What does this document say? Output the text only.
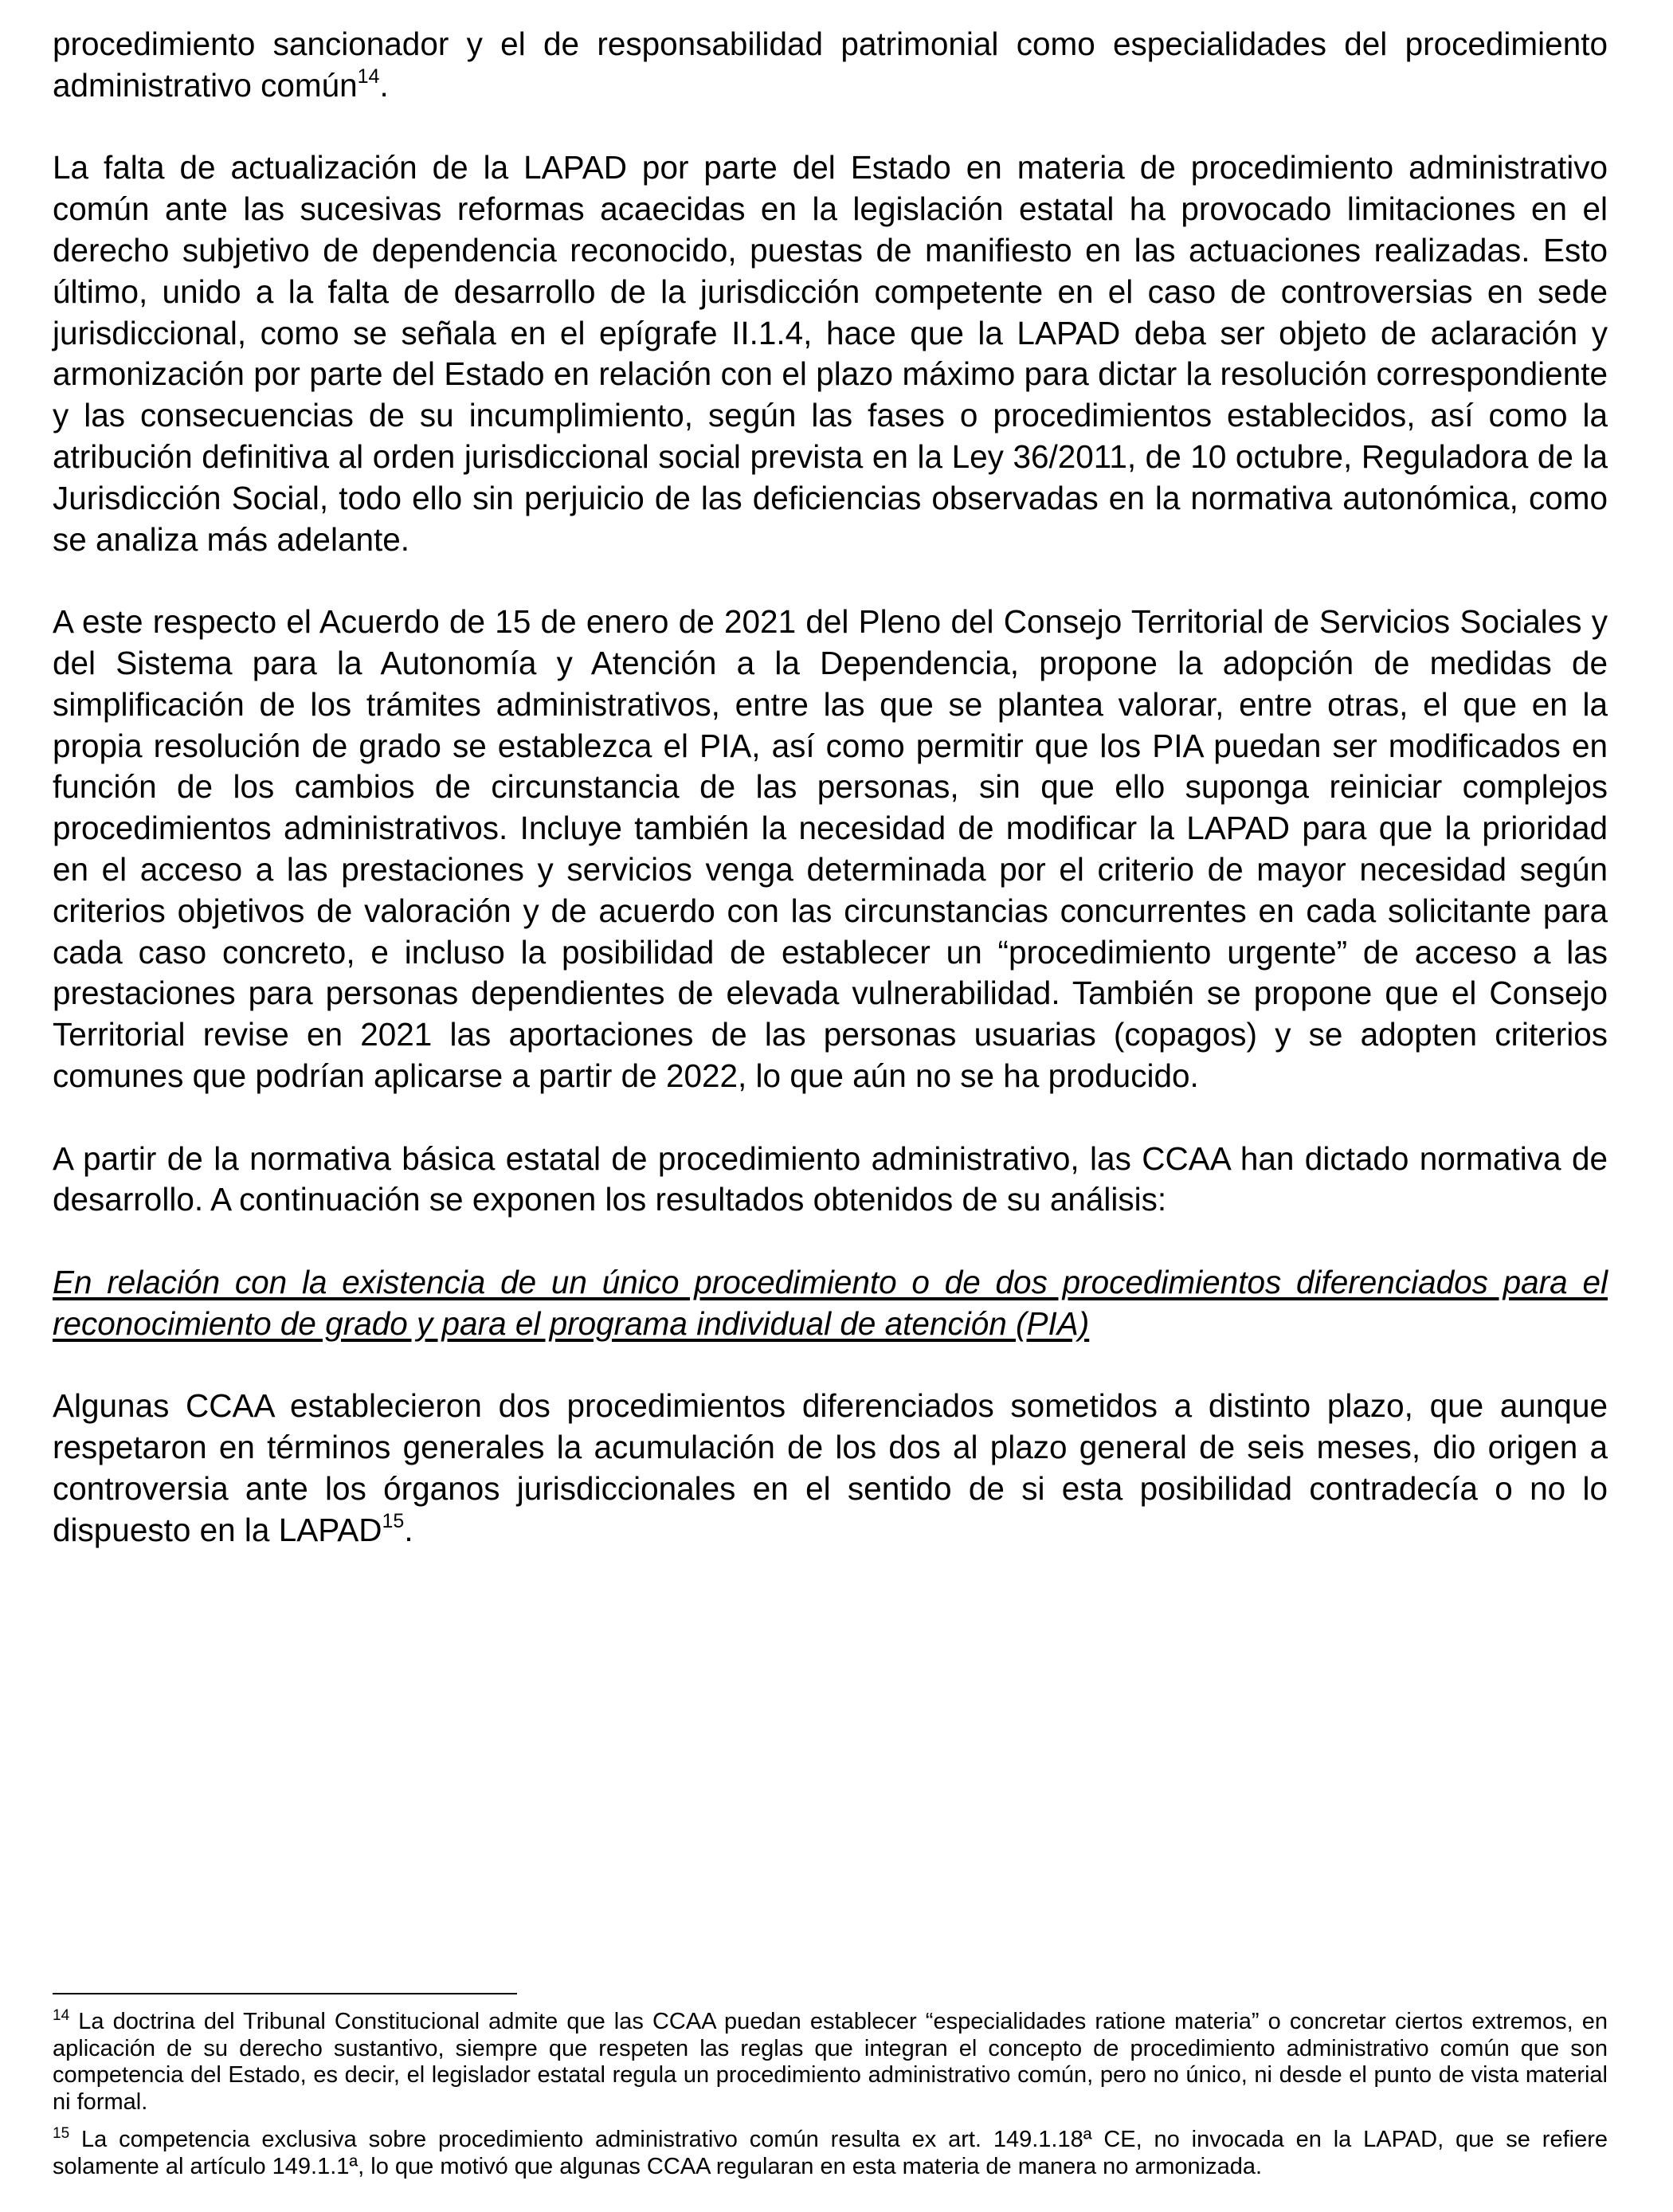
procedimiento sancionador y el de responsabilidad patrimonial como especialidades del procedimiento administrativo común$^{14}$.

La falta de actualización de la LAPAD por parte del Estado en materia de procedimiento administrativo común ante las sucesivas reformas acaecidas en la legislación estatal ha provocado limitaciones en el derecho subjetivo de dependencia reconocido, puestas de manifiesto en las actuaciones realizadas. Esto último, unido a la falta de desarrollo de la jurisdicción competente en el caso de controversias en sede jurisdiccional, como se señala en el epígrafe II.1.4, hace que la LAPAD deba ser objeto de aclaración y armonización por parte del Estado en relación con el plazo máximo para dictar la resolución correspondiente y las consecuencias de su incumplimiento, según las fases o procedimientos establecidos, así como la atribución definitiva al orden jurisdiccional social prevista en la Ley 36/2011, de 10 octubre, Reguladora de la Jurisdicción Social, todo ello sin perjuicio de las deficiencias observadas en la normativa autonómica, como se analiza más adelante.

A este respecto el Acuerdo de 15 de enero de 2021 del Pleno del Consejo Territorial de Servicios Sociales y del Sistema para la Autonomía y Atención a la Dependencia, propone la adopción de medidas de simplificación de los trámites administrativos, entre las que se plantea valorar, entre otras, el que en la propia resolución de grado se establezca el PIA, así como permitir que los PIA puedan ser modificados en función de los cambios de circunstancia de las personas, sin que ello suponga reiniciar complejos procedimientos administrativos. Incluye también la necesidad de modificar la LAPAD para que la prioridad en el acceso a las prestaciones y servicios venga determinada por el criterio de mayor necesidad según criterios objetivos de valoración y de acuerdo con las circunstancias concurrentes en cada solicitante para cada caso concreto, e incluso la posibilidad de establecer un “procedimiento urgente” de acceso a las prestaciones para personas dependientes de elevada vulnerabilidad. También se propone que el Consejo Territorial revise en 2021 las aportaciones de las personas usuarias (copagos) y se adopten criterios comunes que podrían aplicarse a partir de 2022, lo que aún no se ha producido.

A partir de la normativa básica estatal de procedimiento administrativo, las CCAA han dictado normativa de desarrollo. A continuación se exponen los resultados obtenidos de su análisis:

En relación con la existencia de un único procedimiento o de dos procedimientos diferenciados para el reconocimiento de grado y para el programa individual de atención (PIA)

Algunas CCAA establecieron dos procedimientos diferenciados sometidos a distinto plazo, que aunque respetaron en términos generales la acumulación de los dos al plazo general de seis meses, dio origen a controversia ante los órganos jurisdiccionales en el sentido de si esta posibilidad contradecía o no lo dispuesto en la LAPAD$^{15}$.

$^{14}$ La doctrina del Tribunal Constitucional admite que las CCAA puedan establecer “especialidades ratione materia” o concretar ciertos extremos, en aplicación de su derecho sustantivo, siempre que respeten las reglas que integran el concepto de procedimiento administrativo común que son competencia del Estado, es decir, el legislador estatal regula un procedimiento administrativo común, pero no único, ni desde el punto de vista material ni formal.
$^{15}$ La competencia exclusiva sobre procedimiento administrativo común resulta ex art. 149.1.18ª CE, no invocada en la LAPAD, que se refiere solamente al artículo 149.1.1ª, lo que motivó que algunas CCAA regularan en esta materia de manera no armonizada.
